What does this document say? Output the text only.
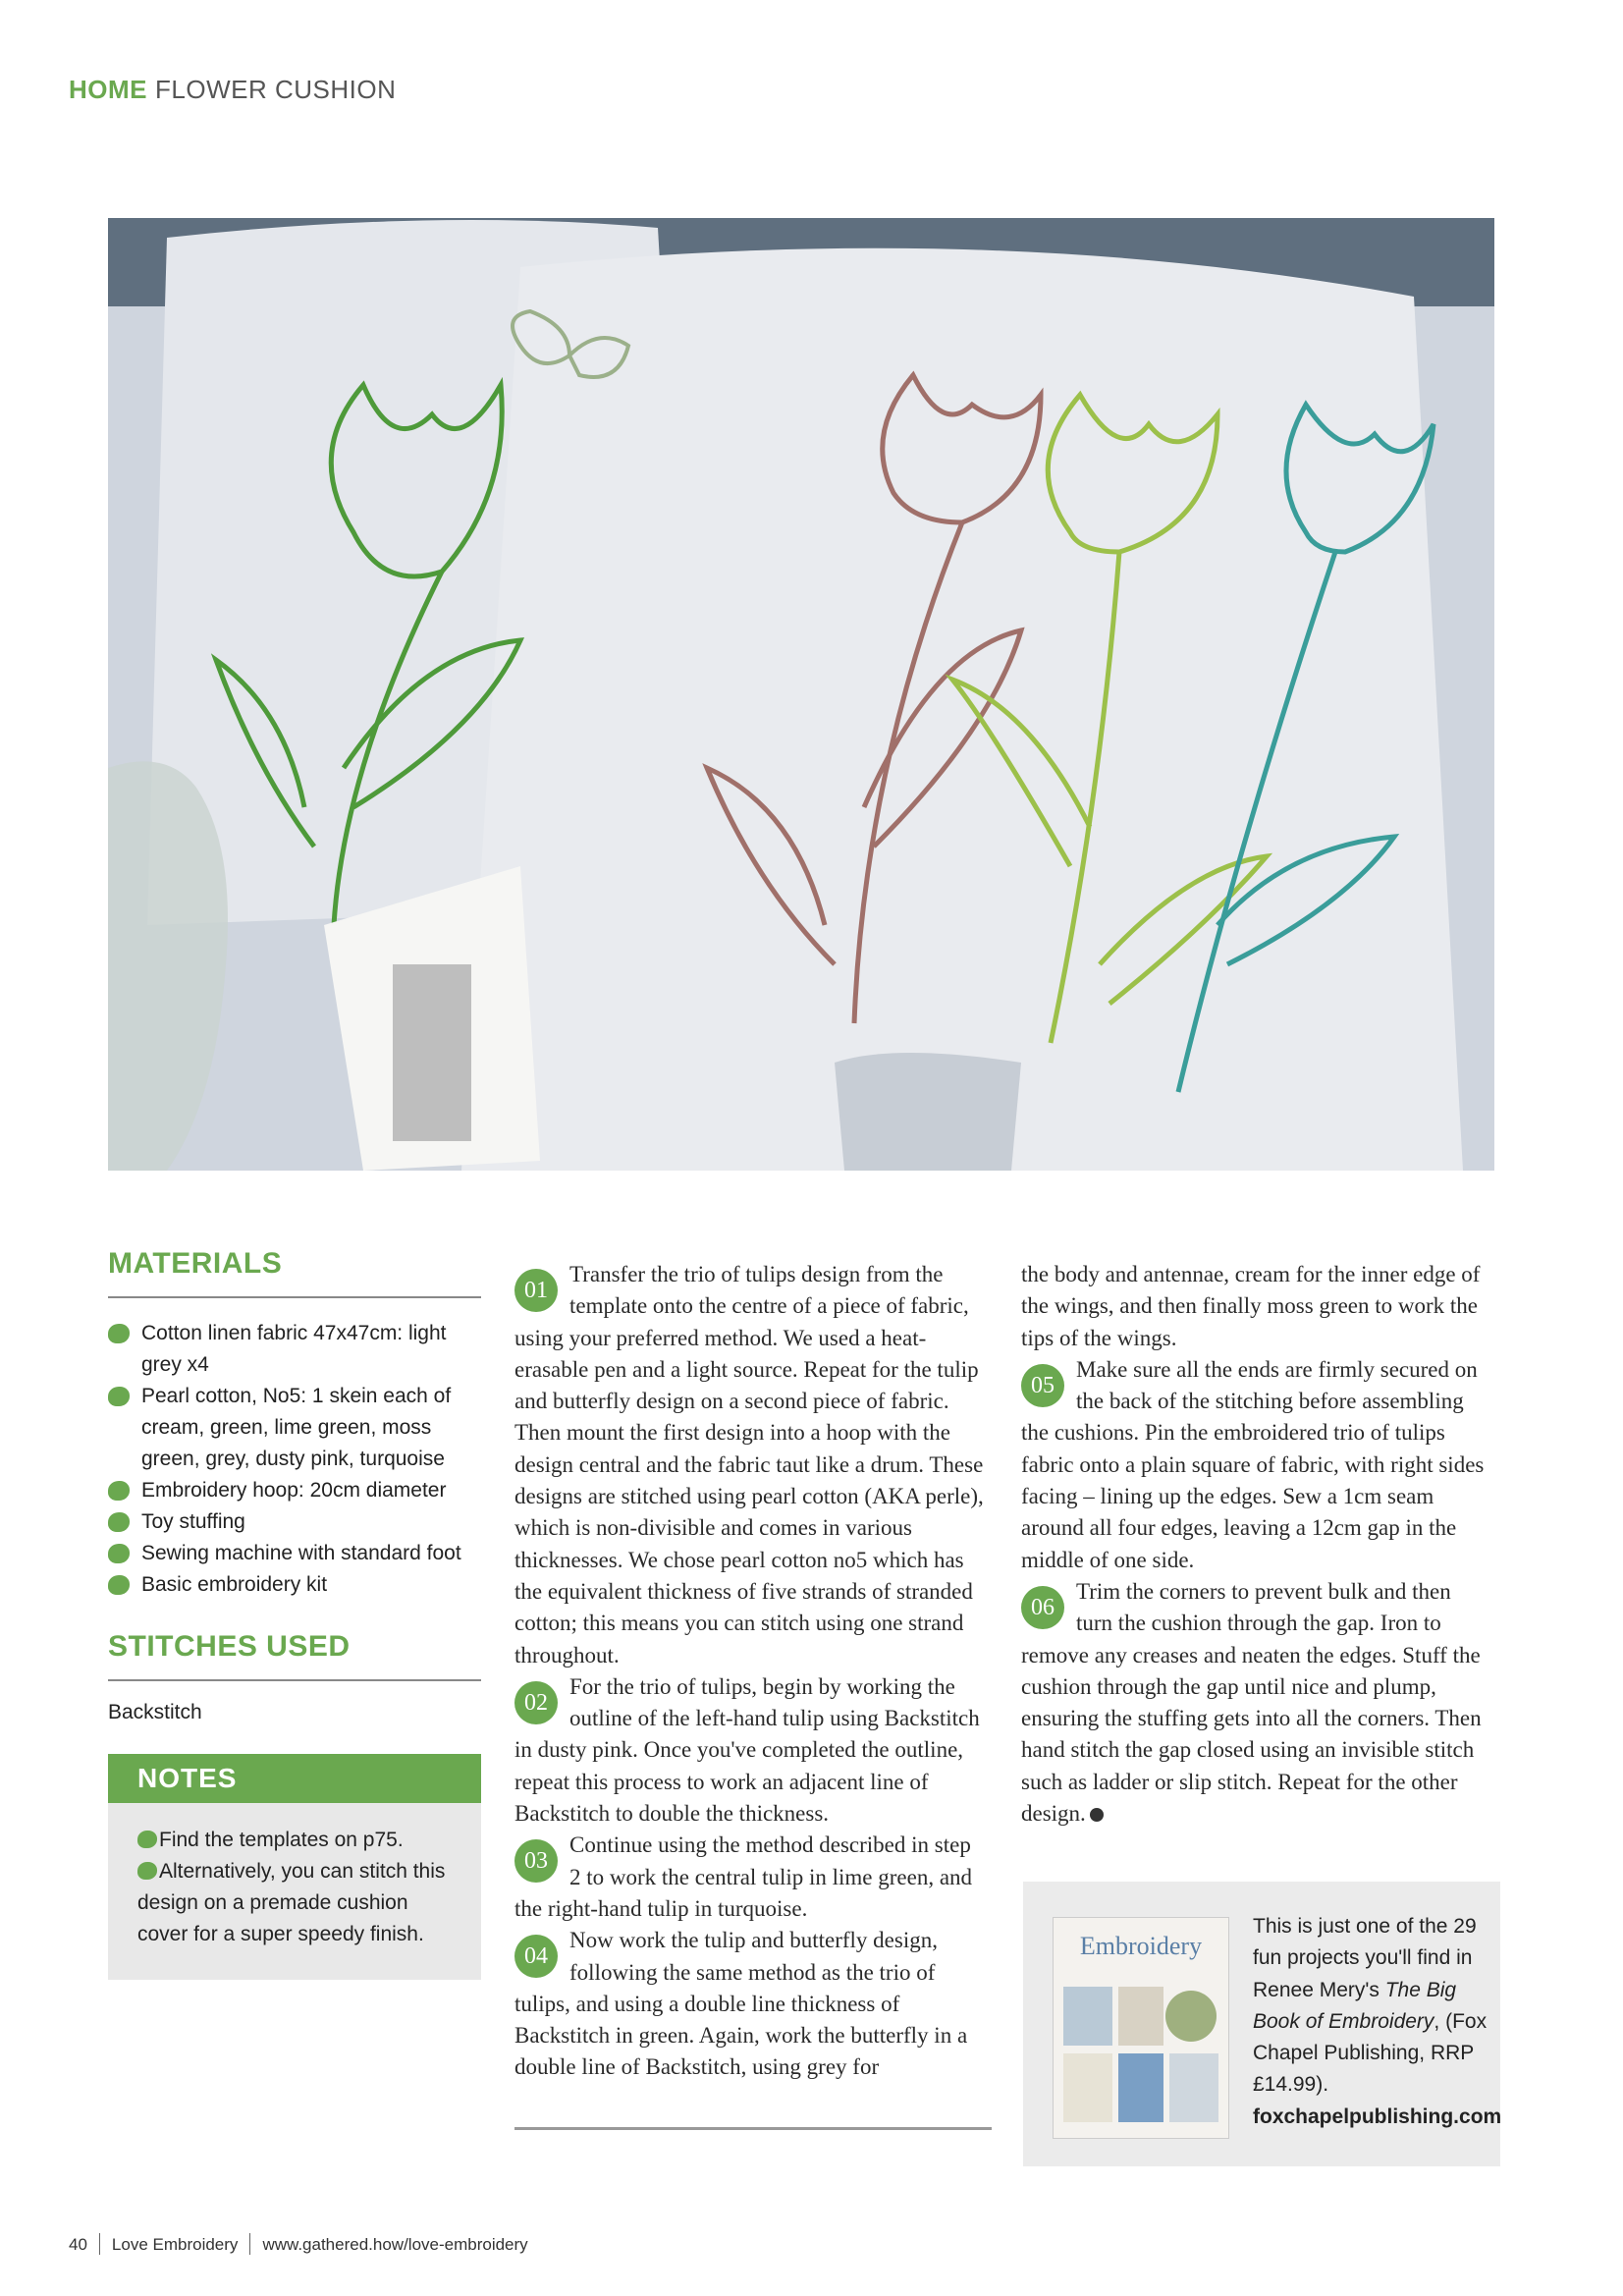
HOME FLOWER CUSHION
MATERIALS
Cotton linen fabric 47x47cm: light grey x4
Pearl cotton, No5: 1 skein each of cream, green, lime green, moss green, grey, dusty pink, turquoise
Embroidery hoop: 20cm diameter
Toy stuffing
Sewing machine with standard foot
Basic embroidery kit
STITCHES USED
Backstitch
NOTES
Find the templates on p75.
Alternatively, you can stitch this design on a premade cushion cover for a super speedy finish.

01
Transfer the trio of tulips design from the template onto the centre of a piece of fabric, using your preferred method. We used a heat-erasable pen and a light source. Repeat for the tulip and butterfly design on a second piece of fabric. Then mount the first design into a hoop with the design central and the fabric taut like a drum. These designs are stitched using pearl cotton (AKA perle), which is non-divisible and comes in various thicknesses. We chose pearl cotton no5 which has the equivalent thickness of five strands of stranded cotton; this means you can stitch using one strand throughout.

02
For the trio of tulips, begin by working the outline of the left-hand tulip using Backstitch in dusty pink. Once you've completed the outline, repeat this process to work an adjacent line of Backstitch to double the thickness.

03
Continue using the method described in step 2 to work the central tulip in lime green, and the right-hand tulip in turquoise.

04
Now work the tulip and butterfly design, following the same method as the trio of tulips, and using a double line thickness of Backstitch in green. Again, work the butterfly in a double line of Backstitch, using grey for

the body and antennae, cream for the inner edge of the wings, and then finally moss green to work the tips of the wings.

05
Make sure all the ends are firmly secured on the back of the stitching before assembling the cushions. Pin the embroidered trio of tulips fabric onto a plain square of fabric, with right sides facing – lining up the edges. Sew a 1cm seam around all four edges, leaving a 12cm gap in the middle of one side.

06
Trim the corners to prevent bulk and then turn the cushion through the gap. Iron to remove any creases and neaten the edges. Stuff the cushion through the gap until nice and plump, ensuring the stuffing gets into all the corners. Then hand stitch the gap closed using an invisible stitch such as ladder or slip stitch. Repeat for the other design.

Embroidery
This is just one of the 29 fun projects you'll find in Renee Mery's The Big Book of Embroidery, (Fox Chapel Publishing, RRP £14.99).
foxchapelpublishing.com
40 Love Embroidery www.gathered.how/love-embroidery
